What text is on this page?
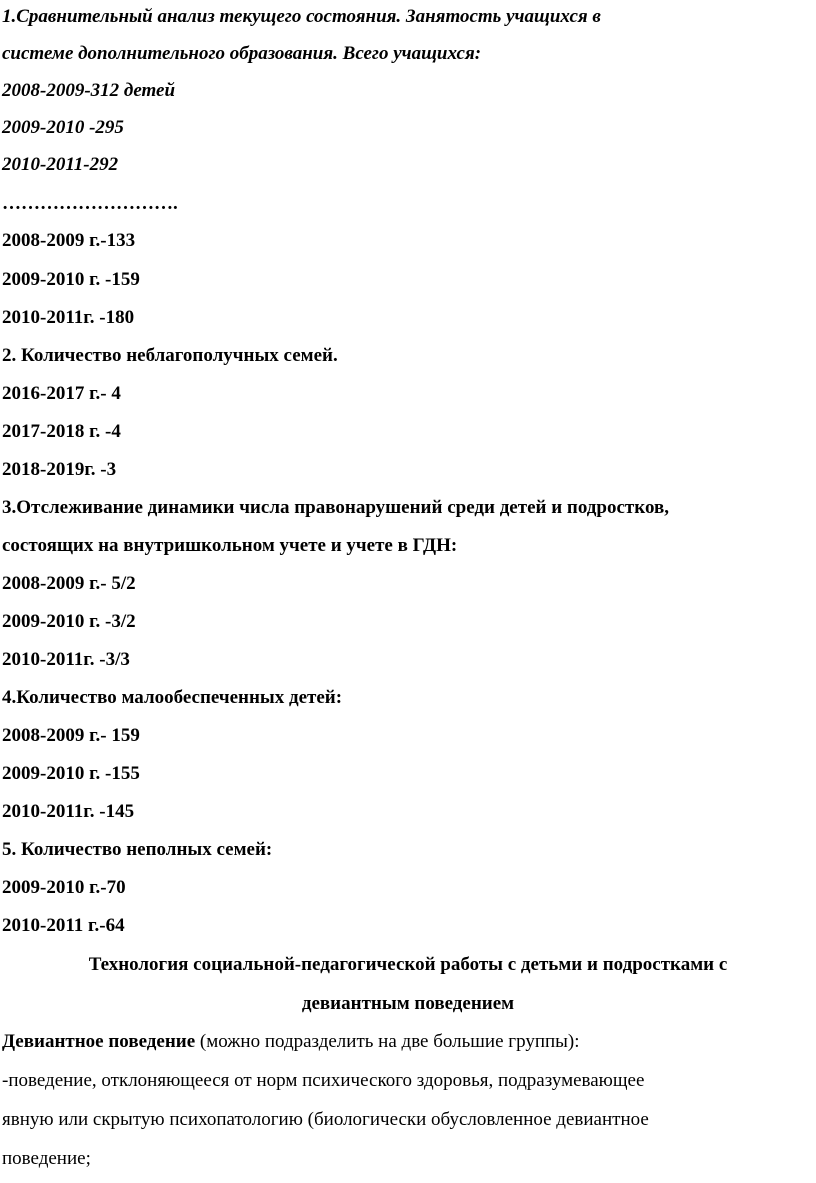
1.Сравнительный анализ текущего состояния. Занятость учащихся в
системе дополнительного образования. Всего учащихся:
2008-2009-312 детей
2009-2010 -295
2010-2011-292
……………………….
2008-2009 г.-133
2009-2010 г. -159
2010-2011г. -180
2. Количество неблагополучных семей.
2016-2017 г.- 4
2017-2018 г. -4
2018-2019г. -3
3.Отслеживание динамики числа правонарушений среди детей и подростков,
состоящих на внутришкольном учете и учете в ГДН:
2008-2009 г.- 5/2
2009-2010 г. -3/2
2010-2011г. -3/3
4.Количество малообеспеченных детей:
2008-2009 г.- 159
2009-2010 г. -155
2010-2011г. -145
5. Количество неполных семей:
2009-2010 г.-70
2010-2011 г.-64
Технология социальной-педагогической работы с детьми и подростками с
девиантным поведением
Девиантное поведение (можно подразделить на две большие группы):
-поведение, отклоняющееся от норм психического здоровья, подразумевающее
явную или скрытую психопатологию (биологически обусловленное девиантное
поведение;
